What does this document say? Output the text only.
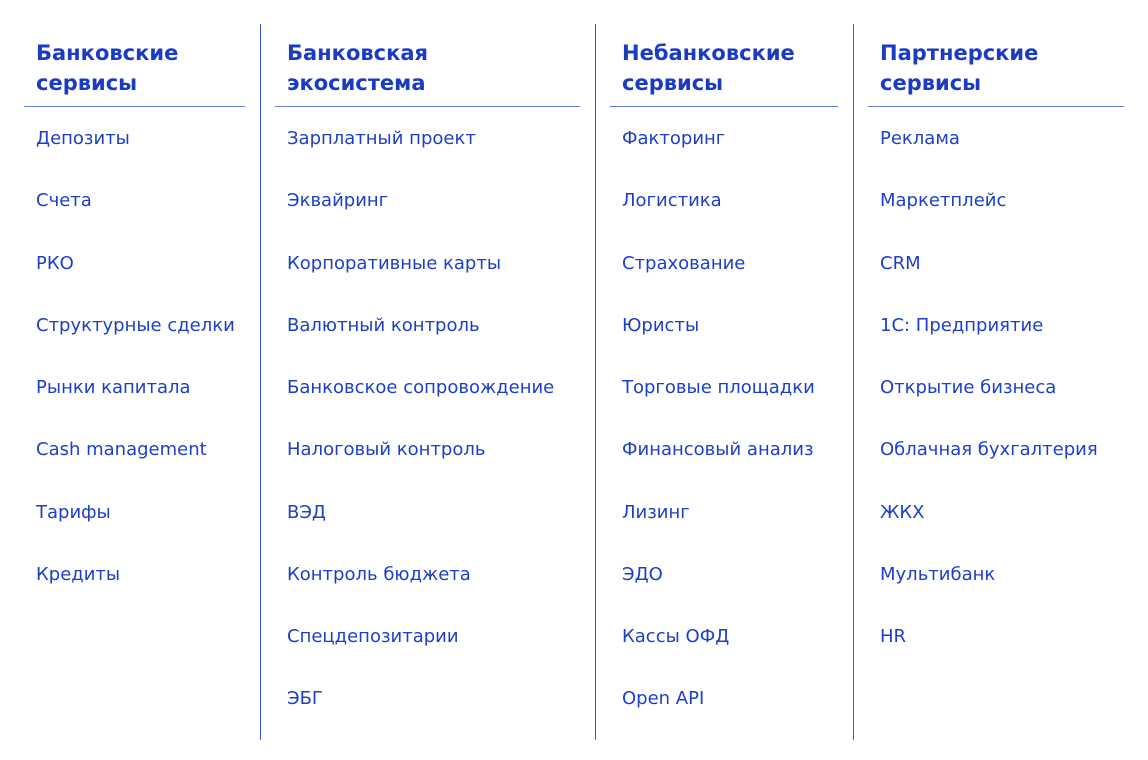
Банковские
сервисы
Депозиты
Счета
РКО
Структурные сделки
Рынки капитала
Cash management
Тарифы
Кредиты
Банковская
экосистема
Зарплатный проект
Эквайринг
Корпоративные карты
Валютный контроль
Банковское сопровождение
Налоговый контроль
ВЭД
Контроль бюджета
Спецдепозитарии
ЭБГ
Небанковские
сервисы
Факторинг
Логистика
Страхование
Юристы
Торговые площадки
Финансовый анализ
Лизинг
ЭДО
Кассы ОФД
Open API
Партнерские
сервисы
Реклама
Маркетплейс
CRM
1С: Предприятие
Открытие бизнеса
Облачная бухгалтерия
ЖКХ
Мультибанк
HR
